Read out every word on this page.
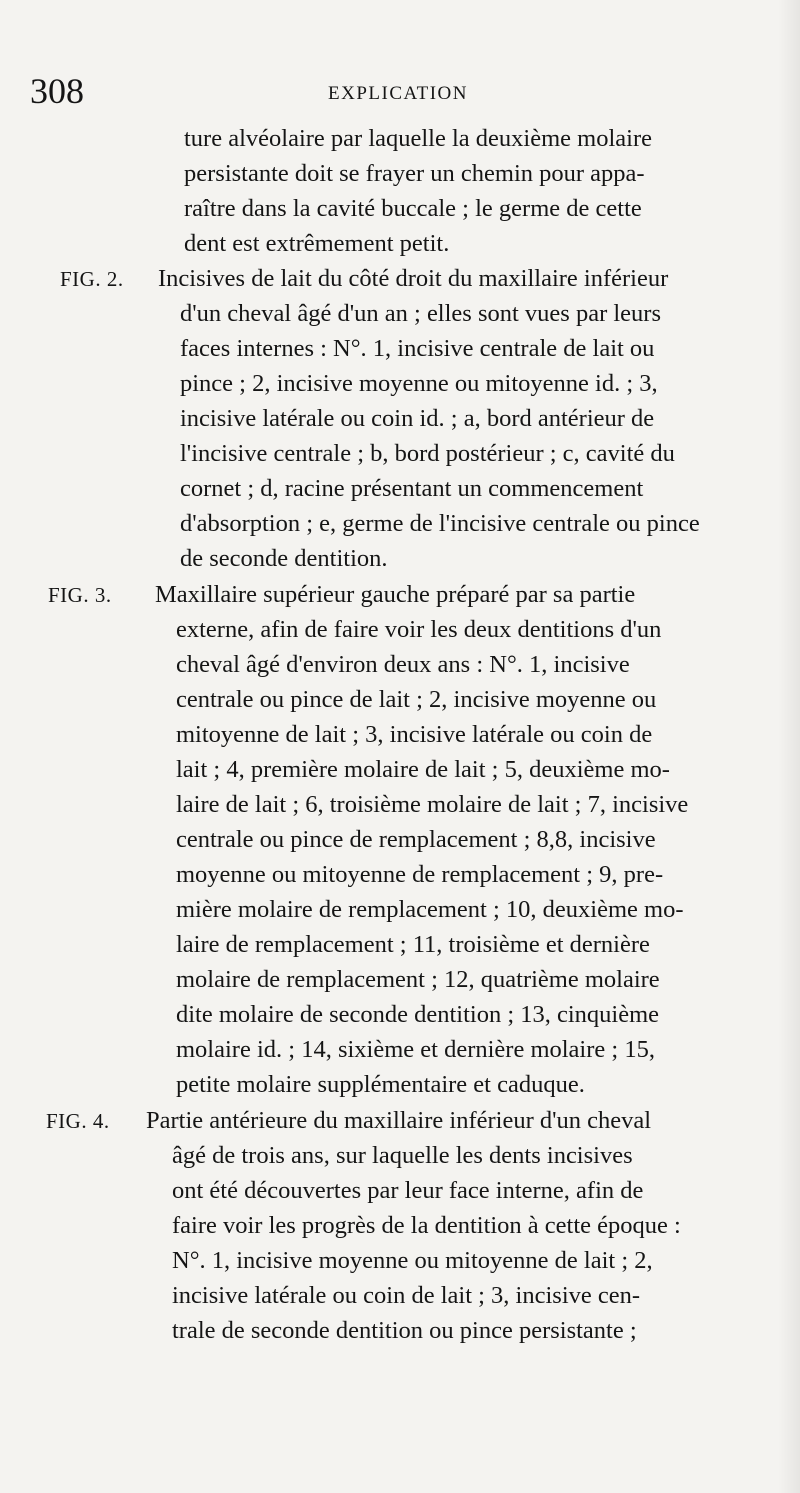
308	EXPLICATION
ture alvéolaire par laquelle la deuxième molaire
persistante doit se frayer un chemin pour appa-
raître dans la cavité buccale ; le germe de cette
dent est extrêmement petit.
FIG. 2. Incisives de lait du côté droit du maxillaire inférieur
d'un cheval âgé d'un an ; elles sont vues par leurs
faces internes : N°. 1, incisive centrale de lait ou
pince ; 2, incisive moyenne ou mitoyenne id. ; 3,
incisive latérale ou coin id. ; a, bord antérieur de
l'incisive centrale ; b, bord postérieur ; c, cavité du
cornet ; d, racine présentant un commencement
d'absorption ; e, germe de l'incisive centrale ou pince
de seconde dentition.
FIG. 3. Maxillaire supérieur gauche préparé par sa partie
externe, afin de faire voir les deux dentitions d'un
cheval âgé d'environ deux ans : N°. 1, incisive
centrale ou pince de lait ; 2, incisive moyenne ou
mitoyenne de lait ; 3, incisive latérale ou coin de
lait ; 4, première molaire de lait ; 5, deuxième mo-
laire de lait ; 6, troisième molaire de lait ; 7, incisive
centrale ou pince de remplacement ; 8,8, incisive
moyenne ou mitoyenne de remplacement ; 9, pre-
mière molaire de remplacement ; 10, deuxième mo-
laire de remplacement ; 11, troisième et dernière
molaire de remplacement ; 12, quatrième molaire
dite molaire de seconde dentition ; 13, cinquième
molaire id. ; 14, sixième et dernière molaire ; 15,
petite molaire supplémentaire et caduque.
FIG. 4. Partie antérieure du maxillaire inférieur d'un cheval
âgé de trois ans, sur laquelle les dents incisives
ont été découvertes par leur face interne, afin de
faire voir les progrès de la dentition à cette époque :
N°. 1, incisive moyenne ou mitoyenne de lait ; 2,
incisive latérale ou coin de lait ; 3, incisive cen-
trale de seconde dentition ou pince persistante ;
